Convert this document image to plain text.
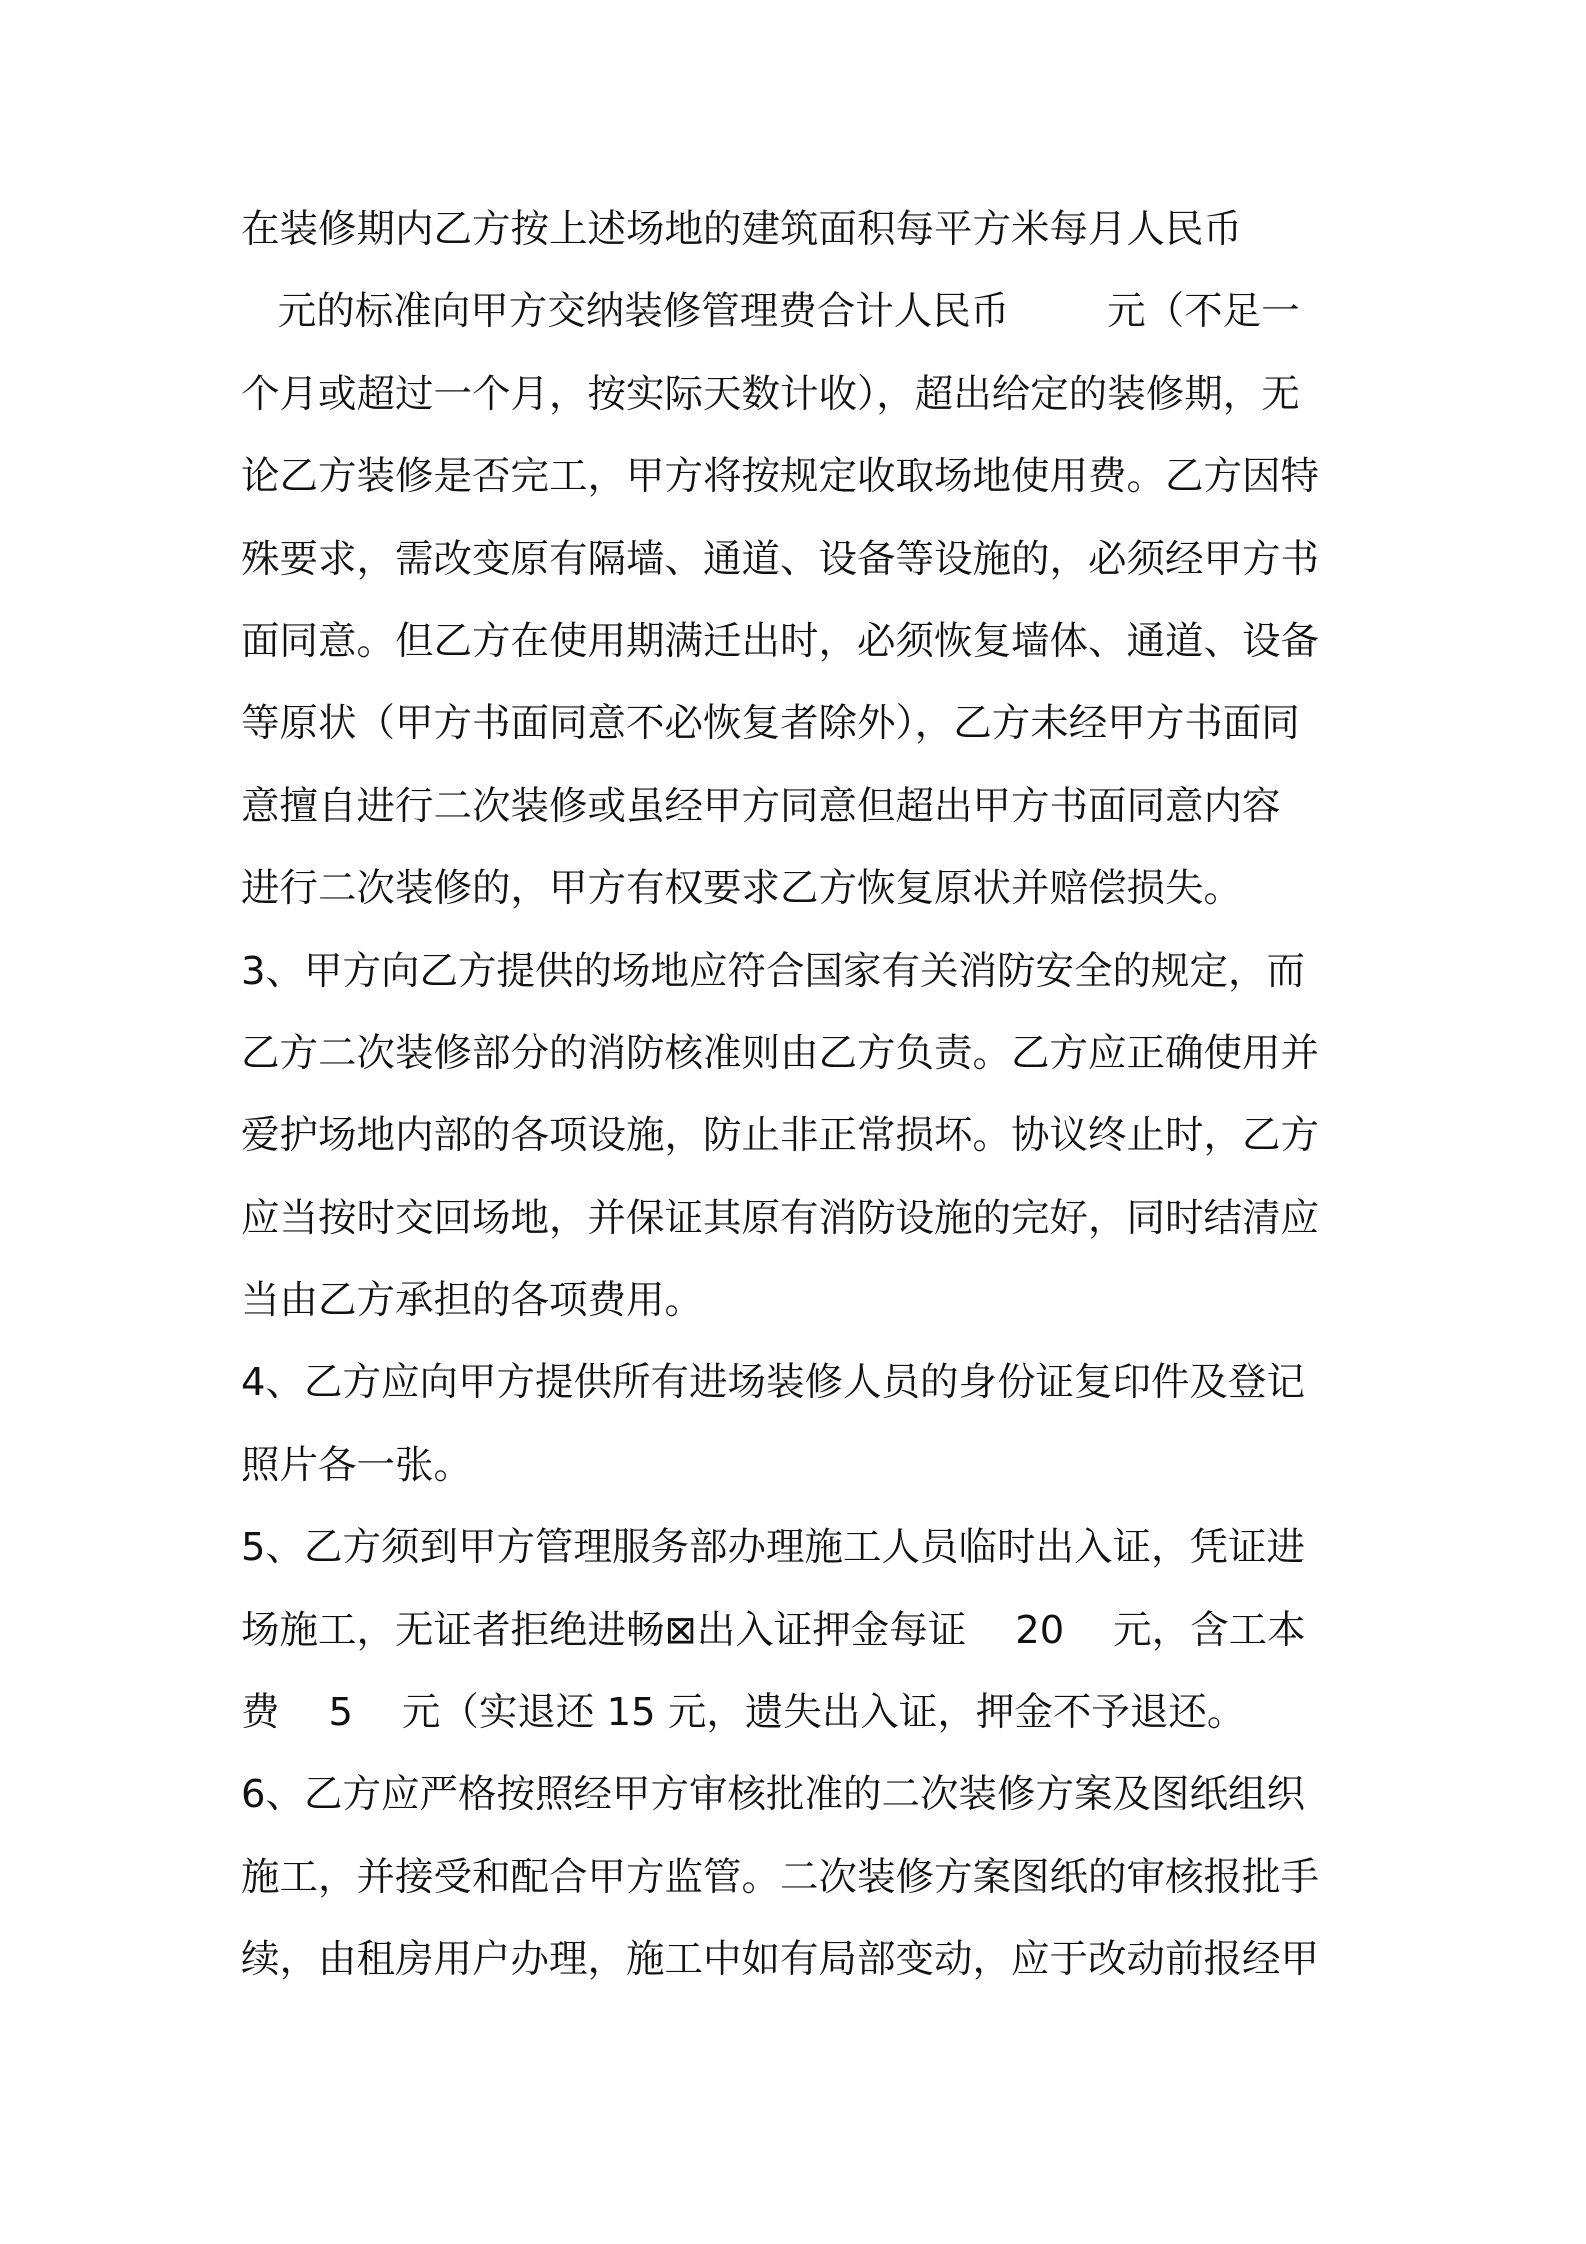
在装修期内乙方按上述场地的建筑面积每平方米每月人民币
元的标准向甲方交纳装修管理费合计人民币        元（不足一
个月或超过一个月，按实际天数计收），超出给定的装修期，无
论乙方装修是否完工，甲方将按规定收取场地使用费。乙方因特
殊要求，需改变原有隔墙、通道、设备等设施的，必须经甲方书
面同意。但乙方在使用期满迁出时，必须恢复墙体、通道、设备
等原状（甲方书面同意不必恢复者除外），乙方未经甲方书面同
意擅自进行二次装修或虽经甲方同意但超出甲方书面同意内容
进行二次装修的，甲方有权要求乙方恢复原状并赔偿损失。
3、甲方向乙方提供的场地应符合国家有关消防安全的规定，而
乙方二次装修部分的消防核准则由乙方负责。乙方应正确使用并
爱护场地内部的各项设施，防止非正常损坏。协议终止时，乙方
应当按时交回场地，并保证其原有消防设施的完好，同时结清应
当由乙方承担的各项费用。
4、乙方应向甲方提供所有进场装修人员的身份证复印件及登记
照片各一张。
5、乙方须到甲方管理服务部办理施工人员临时出入证，凭证进
场施工，无证者拒绝进畅⊠出入证押金每证    20    元，含工本
费    5    元（实退还 15 元，遗失出入证，押金不予退还。
6、乙方应严格按照经甲方审核批准的二次装修方案及图纸组织
施工，并接受和配合甲方监管。二次装修方案图纸的审核报批手
续，由租房用户办理，施工中如有局部变动，应于改动前报经甲
